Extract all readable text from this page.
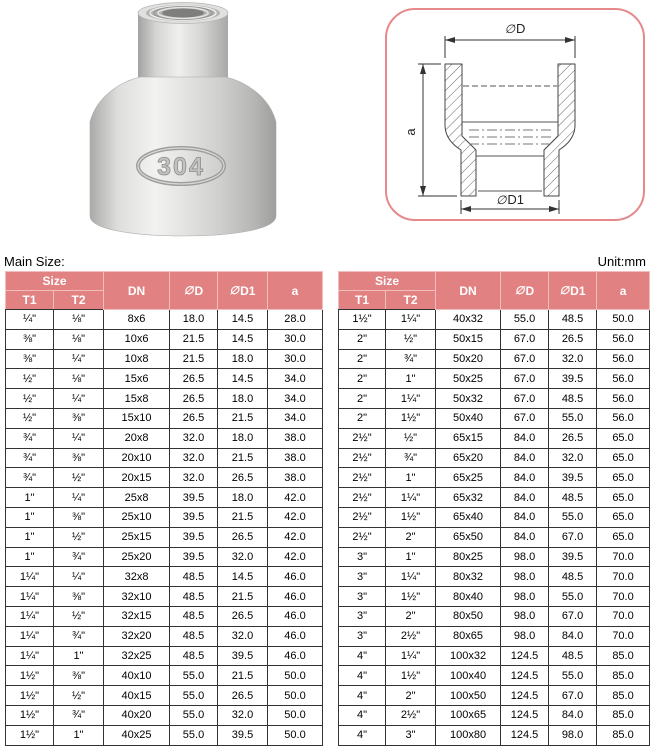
304
∅D
a
∅D1
Main Size:	Unit:mm
Size		DN	∅D	∅D1	a
T1	T2				
¼"	⅛"	8x6	18.0	14.5	28.0
⅜"	⅛"	10x6	21.5	14.5	30.0
⅜"	¼"	10x8	21.5	18.0	30.0
½"	⅛"	15x6	26.5	14.5	34.0
½"	¼"	15x8	26.5	18.0	34.0
½"	⅜"	15x10	26.5	21.5	34.0
¾"	¼"	20x8	32.0	18.0	38.0
¾"	⅜"	20x10	32.0	21.5	38.0
¾"	½"	20x15	32.0	26.5	38.0
1"	¼"	25x8	39.5	18.0	42.0
1"	⅜"	25x10	39.5	21.5	42.0
1"	½"	25x15	39.5	26.5	42.0
1"	¾"	25x20	39.5	32.0	42.0
1¼"	¼"	32x8	48.5	14.5	46.0
1¼"	⅜"	32x10	48.5	21.5	46.0
1¼"	½"	32x15	48.5	26.5	46.0
1¼"	¾"	32x20	48.5	32.0	46.0
1¼"	1"	32x25	48.5	39.5	46.0
1½"	⅜"	40x10	55.0	21.5	50.0
1½"	½"	40x15	55.0	26.5	50.0
1½"	¾"	40x20	55.0	32.0	50.0
1½"	1"	40x25	55.0	39.5	50.0
Size		DN	∅D	∅D1	a
T1	T2				
1½"	1¼"	40x32	55.0	48.5	50.0
2"	½"	50x15	67.0	26.5	56.0
2"	¾"	50x20	67.0	32.0	56.0
2"	1"	50x25	67.0	39.5	56.0
2"	1¼"	50x32	67.0	48.5	56.0
2"	1½"	50x40	67.0	55.0	56.0
2½"	½"	65x15	84.0	26.5	65.0
2½"	¾"	65x20	84.0	32.0	65.0
2½"	1"	65x25	84.0	39.5	65.0
2½"	1¼"	65x32	84.0	48.5	65.0
2½"	1½"	65x40	84.0	55.0	65.0
2½"	2"	65x50	84.0	67.0	65.0
3"	1"	80x25	98.0	39.5	70.0
3"	1¼"	80x32	98.0	48.5	70.0
3"	1½"	80x40	98.0	55.0	70.0
3"	2"	80x50	98.0	67.0	70.0
3"	2½"	80x65	98.0	84.0	70.0
4"	1¼"	100x32	124.5	48.5	85.0
4"	1½"	100x40	124.5	55.0	85.0
4"	2"	100x50	124.5	67.0	85.0
4"	2½"	100x65	124.5	84.0	85.0
4"	3"	100x80	124.5	98.0	85.0
